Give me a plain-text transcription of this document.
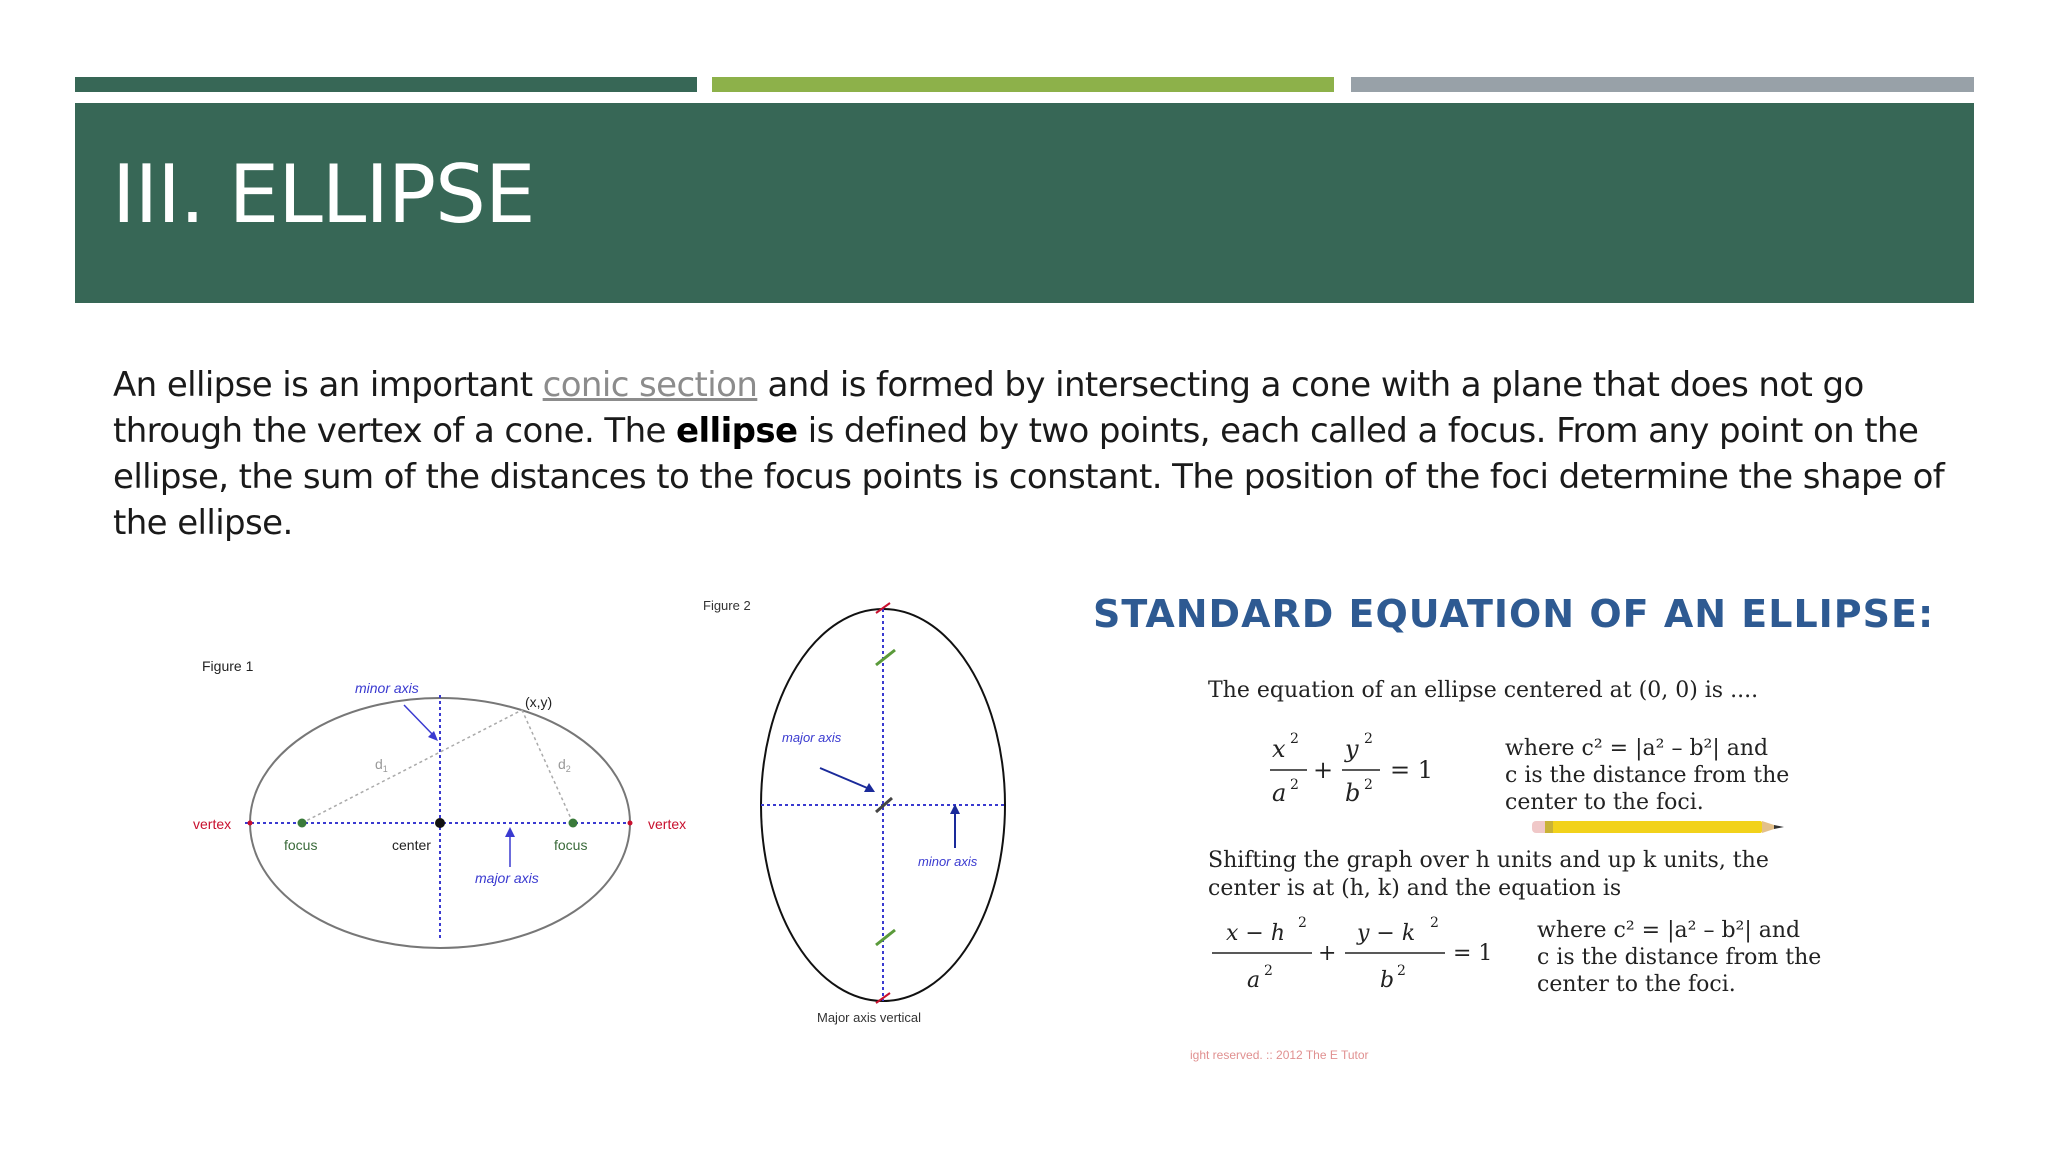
III. ELLIPSE
An ellipse is an important conic section and is formed by intersecting a cone with a plane that does not go through the vertex of a cone. The ellipse is defined by two points, each called a focus. From any point on the ellipse, the sum of the distances to the focus points is constant. The position of the foci determine the shape of the ellipse.
Figure 1
minor axis
(x,y)
$d_1$	$d_2$
vertex	vertex
focus	focus
center
major axis
Figure 2
major axis
minor axis
Major axis vertical
STANDARD EQUATION OF AN ELLIPSE:
The equation of an ellipse centered at (0, 0) is ....
x 2
a 2
+
y 2
b 2
= 1
where c² = |a² – b²| and
c is the distance from the
center to the foci.
Shifting the graph over h units and up k units, the
center is at (h, k) and the equation is
x − h 2
a 2
+
y − k 2
b 2
= 1
where c² = |a² – b²| and
c is the distance from the
center to the foci.
ight reserved. :: 2012 The E Tutor
